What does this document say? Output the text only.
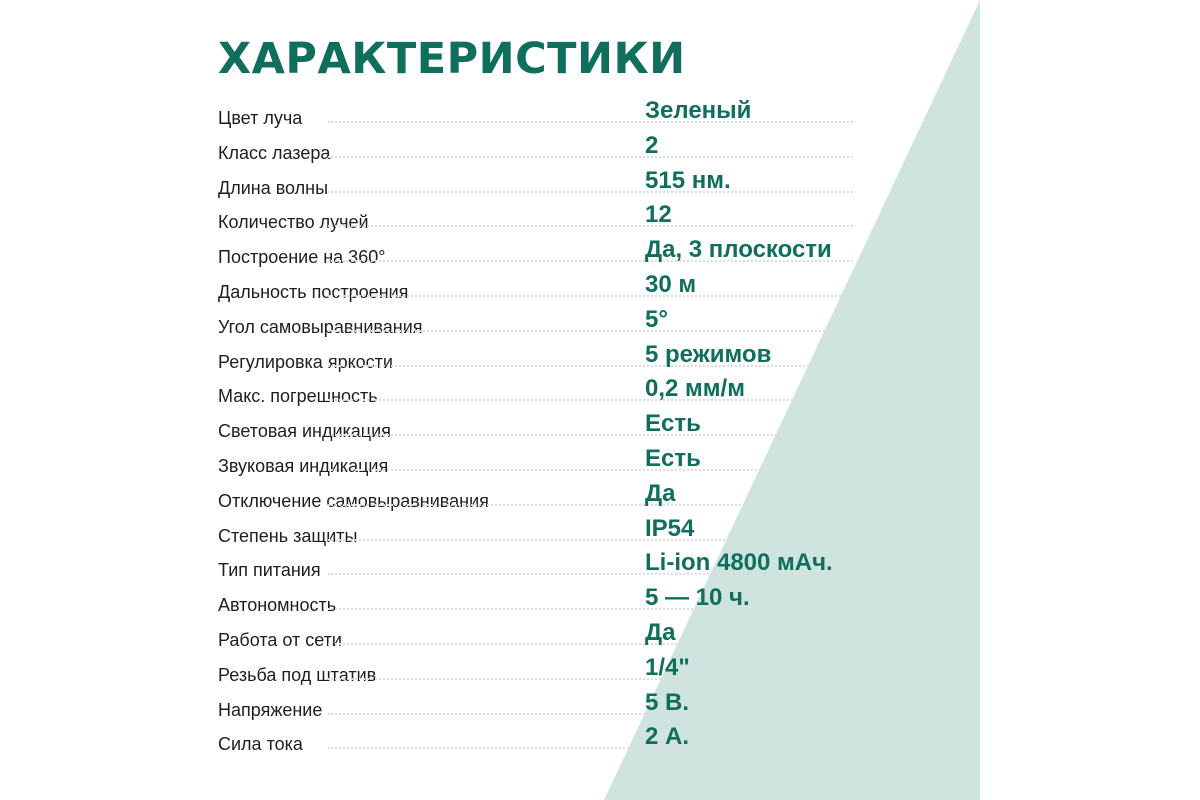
ХАРАКТЕРИСТИКИ
Цвет луча	Зеленый
Класс лазера	2
Длина волны	515 нм.
Количество лучей	12
Построение на 360°	Да, 3 плоскости
Дальность построения	30 м
Угол самовыравнивания	5°
Регулировка яркости	5 режимов
Макс. погрешность	0,2 мм/м
Световая индикация	Есть
Звуковая индикация	Есть
Отключение самовыравнивания	Да
Степень защиты	IP54
Тип питания	Li-ion 4800 мАч.
Автономность	5 — 10 ч.
Работа от сети	Да
Резьба под штатив	1/4"
Напряжение	5 В.
Сила тока	2 А.
